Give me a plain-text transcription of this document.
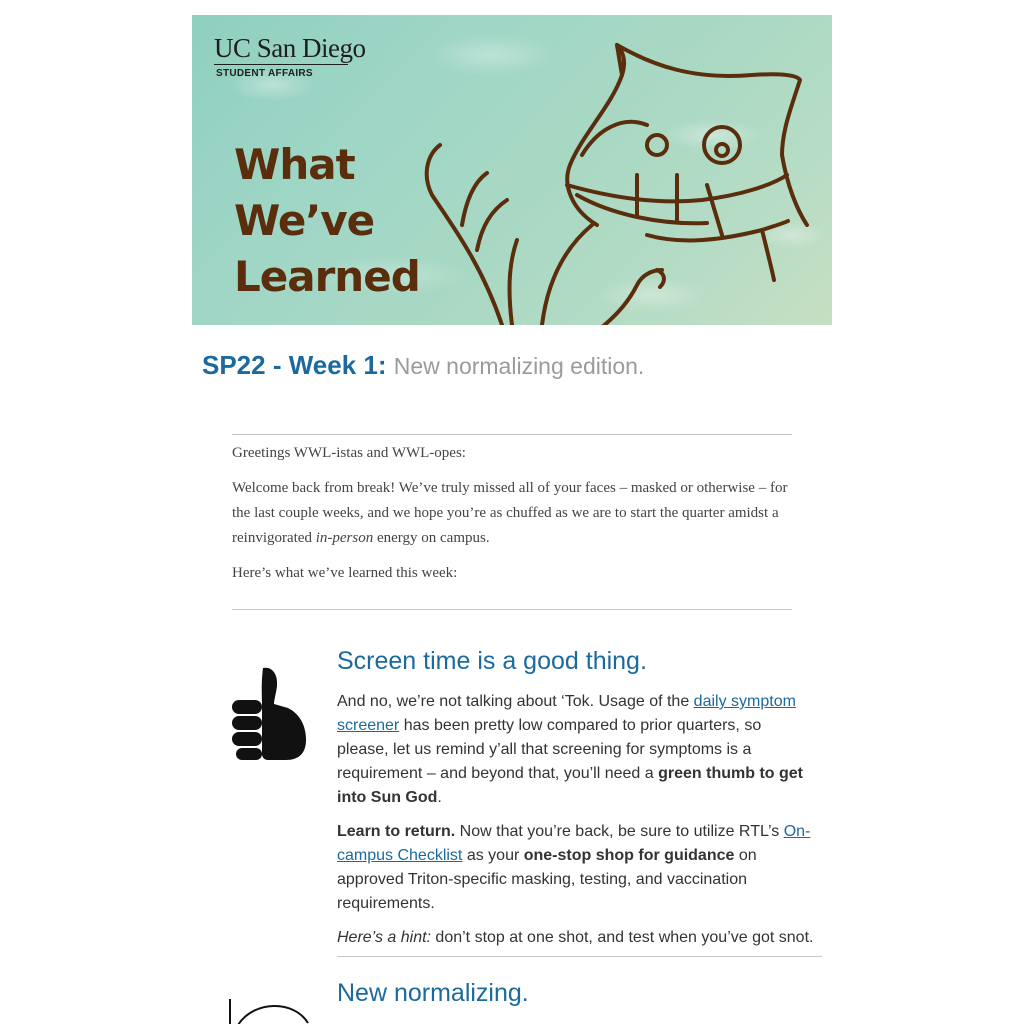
UC San Diego
STUDENT AFFAIRS
What
We’ve
Learned
SP22 - Week 1: New normalizing edition.

Greetings WWL-istas and WWL-opes:

Welcome back from break! We’ve truly missed all of your faces – masked or otherwise – for the last couple weeks, and we hope you’re as chuffed as we are to start the quarter amidst a reinvigorated in-person energy on campus.

Here’s what we’ve learned this week:

Screen time is a good thing.

And no, we’re not talking about ‘Tok. Usage of the daily symptom screener has been pretty low compared to prior quarters, so please, let us remind y’all that screening for symptoms is a requirement – and beyond that, you’ll need a green thumb to get into Sun God.

Learn to return. Now that you’re back, be sure to utilize RTL’s On-campus Checklist as your one-stop shop for guidance on approved Triton-specific masking, testing, and vaccination requirements.

Here’s a hint: don’t stop at one shot, and test when you’ve got snot.

New normalizing.
